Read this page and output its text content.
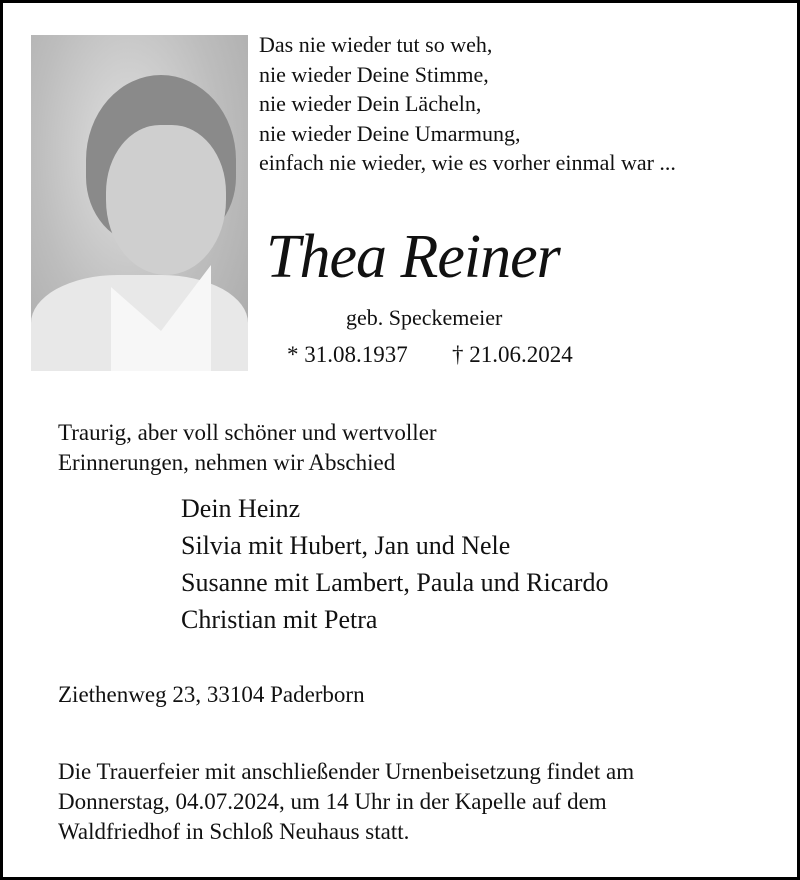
Das nie wieder tut so weh,
nie wieder Deine Stimme,
nie wieder Dein Lächeln,
nie wieder Deine Umarmung,
einfach nie wieder, wie es vorher einmal war ...
Thea Reiner
geb. Speckemeier
* 31.08.1937 † 21.06.2024
Traurig, aber voll schöner und wertvoller
Erinnerungen, nehmen wir Abschied
Dein Heinz
Silvia mit Hubert, Jan und Nele
Susanne mit Lambert, Paula und Ricardo
Christian mit Petra
Ziethenweg 23, 33104 Paderborn
Die Trauerfeier mit anschließender Urnenbeisetzung findet am
Donnerstag, 04.07.2024, um 14 Uhr in der Kapelle auf dem
Waldfriedhof in Schloß Neuhaus statt.
